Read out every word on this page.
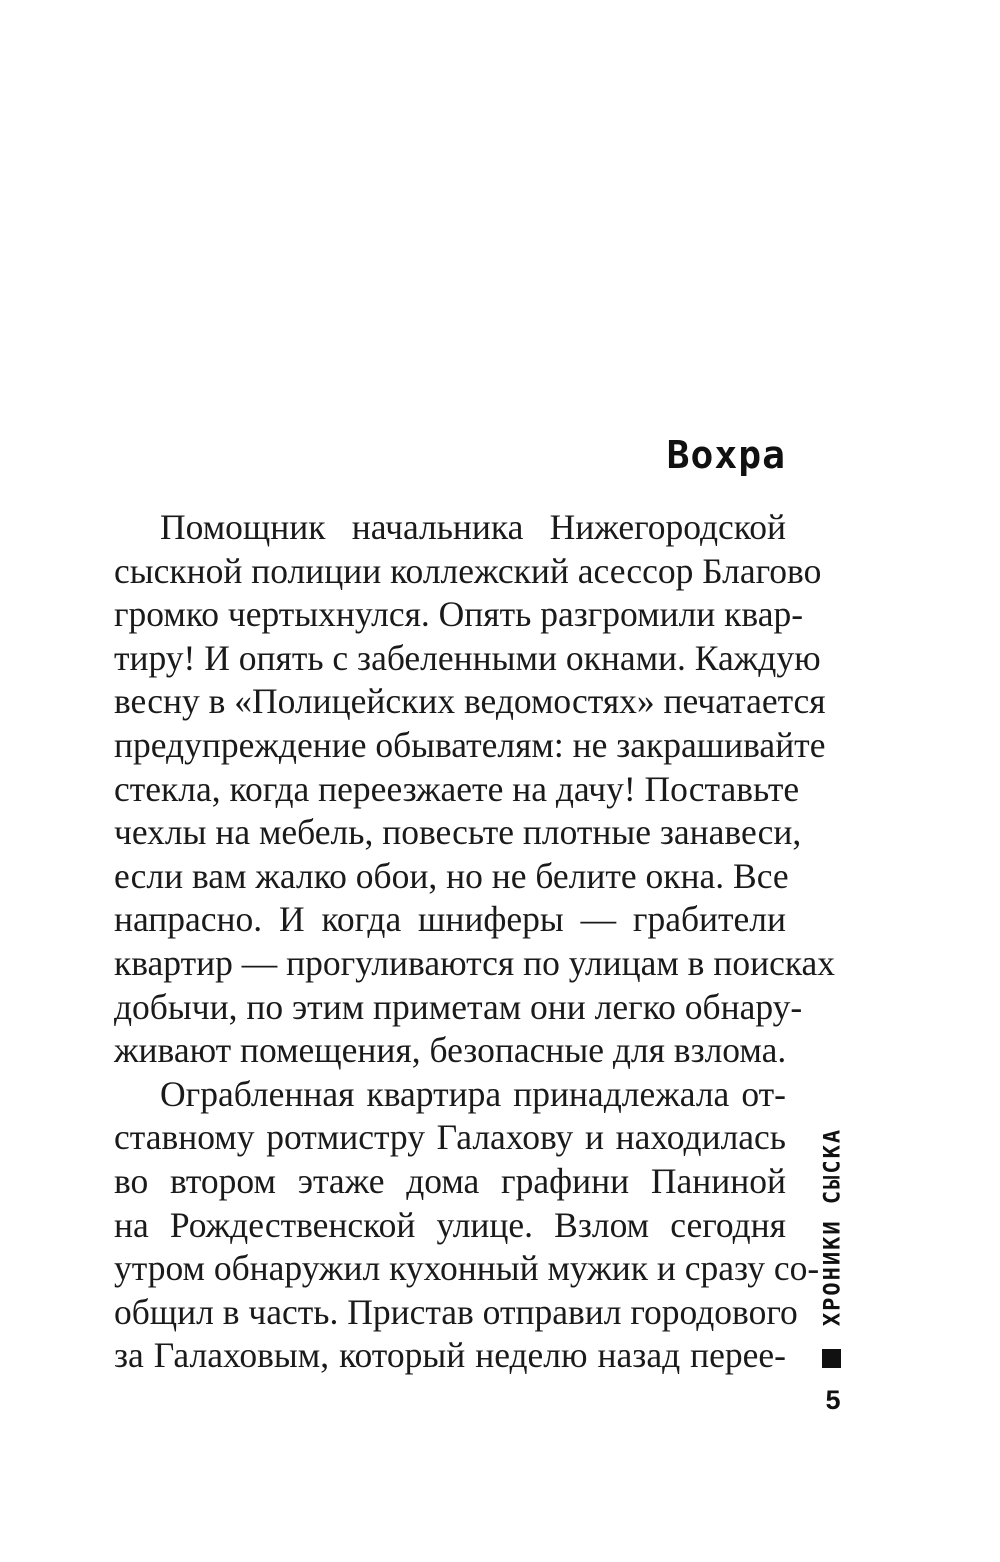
Вохра
Помощник начальника Нижегородской
сыскной полиции коллежский асессор Благово
громко чертыхнулся. Опять разгромили квар-
тиру! И опять с забеленными окнами. Каждую
весну в «Полицейских ведомостях» печатается
предупреждение обывателям: не закрашивайте
стекла, когда переезжаете на дачу! Поставьте
чехлы на мебель, повесьте плотные занавеси,
если вам жалко обои, но не белите окна. Все
напрасно. И когда шниферы — грабители
квартир — прогуливаются по улицам в поисках
добычи, по этим приметам они легко обнару-
живают помещения, безопасные для взлома.
Ограбленная квартира принадлежала от-
ставному ротмистру Галахову и находилась
во втором этаже дома графини Паниной
на Рождественской улице. Взлом сегодня
утром обнаружил кухонный мужик и сразу со-
общил в часть. Пристав отправил городового
за Галаховым, который неделю назад перее-
ХРОНИКИ СЫСКА
5
